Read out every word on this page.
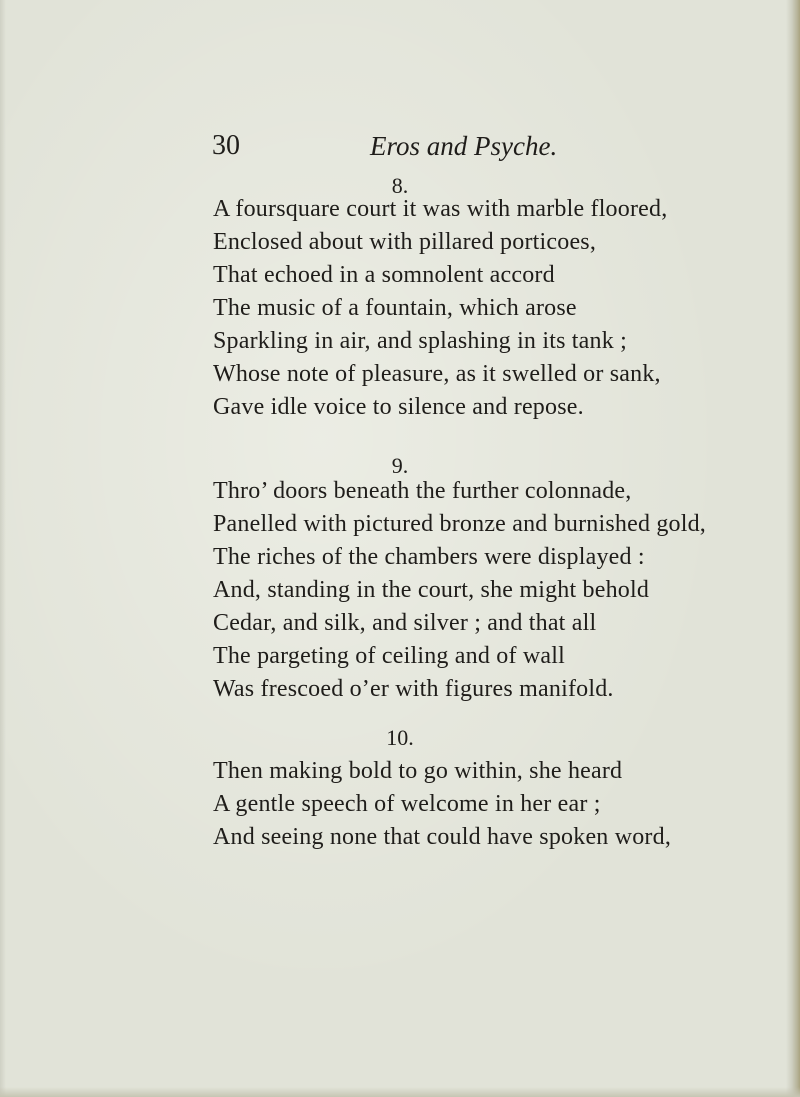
30	Eros and Psyche.
8.
A foursquare court it was with marble floored,
Enclosed about with pillared porticoes,
That echoed in a somnolent accord
The music of a fountain, which arose
Sparkling in air, and splashing in its tank ;
Whose note of pleasure, as it swelled or sank,
Gave idle voice to silence and repose.
9.
Thro’ doors beneath the further colonnade,
Panelled with pictured bronze and burnished gold,
The riches of the chambers were displayed :
And, standing in the court, she might behold
Cedar, and silk, and silver ; and that all
The pargeting of ceiling and of wall
Was frescoed o’er with figures manifold.
10.
Then making bold to go within, she heard
A gentle speech of welcome in her ear ;
And seeing none that could have spoken word,
